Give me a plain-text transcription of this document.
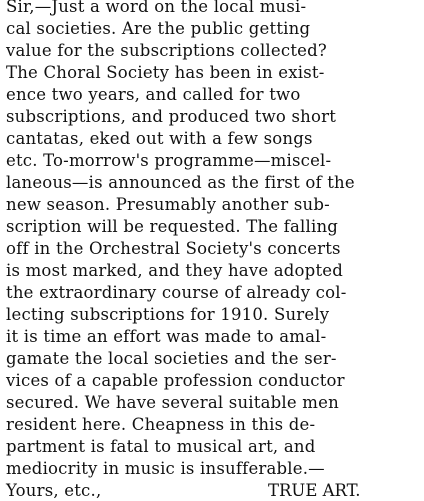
Sir,—Just a word on the local musi-
cal societies. Are the public getting
value for the subscriptions collected?
The Choral Society has been in exist-
ence two years, and called for two
subscriptions, and produced two short
cantatas, eked out with a few songs
etc. To-morrow's programme—miscel-
laneous—is announced as the first of the
new season. Presumably another sub-
scription will be requested. The falling
off in the Orchestral Society's concerts
is most marked, and they have adopted
the extraordinary course of already col-
lecting subscriptions for 1910. Surely
it is time an effort was made to amal-
gamate the local societies and the ser-
vices of a capable profession conductor
secured. We have several suitable men
resident here. Cheapness in this de-
partment is fatal to musical art, and
mediocrity in music is insufferable.—
Yours, etc.,	TRUE ART.
